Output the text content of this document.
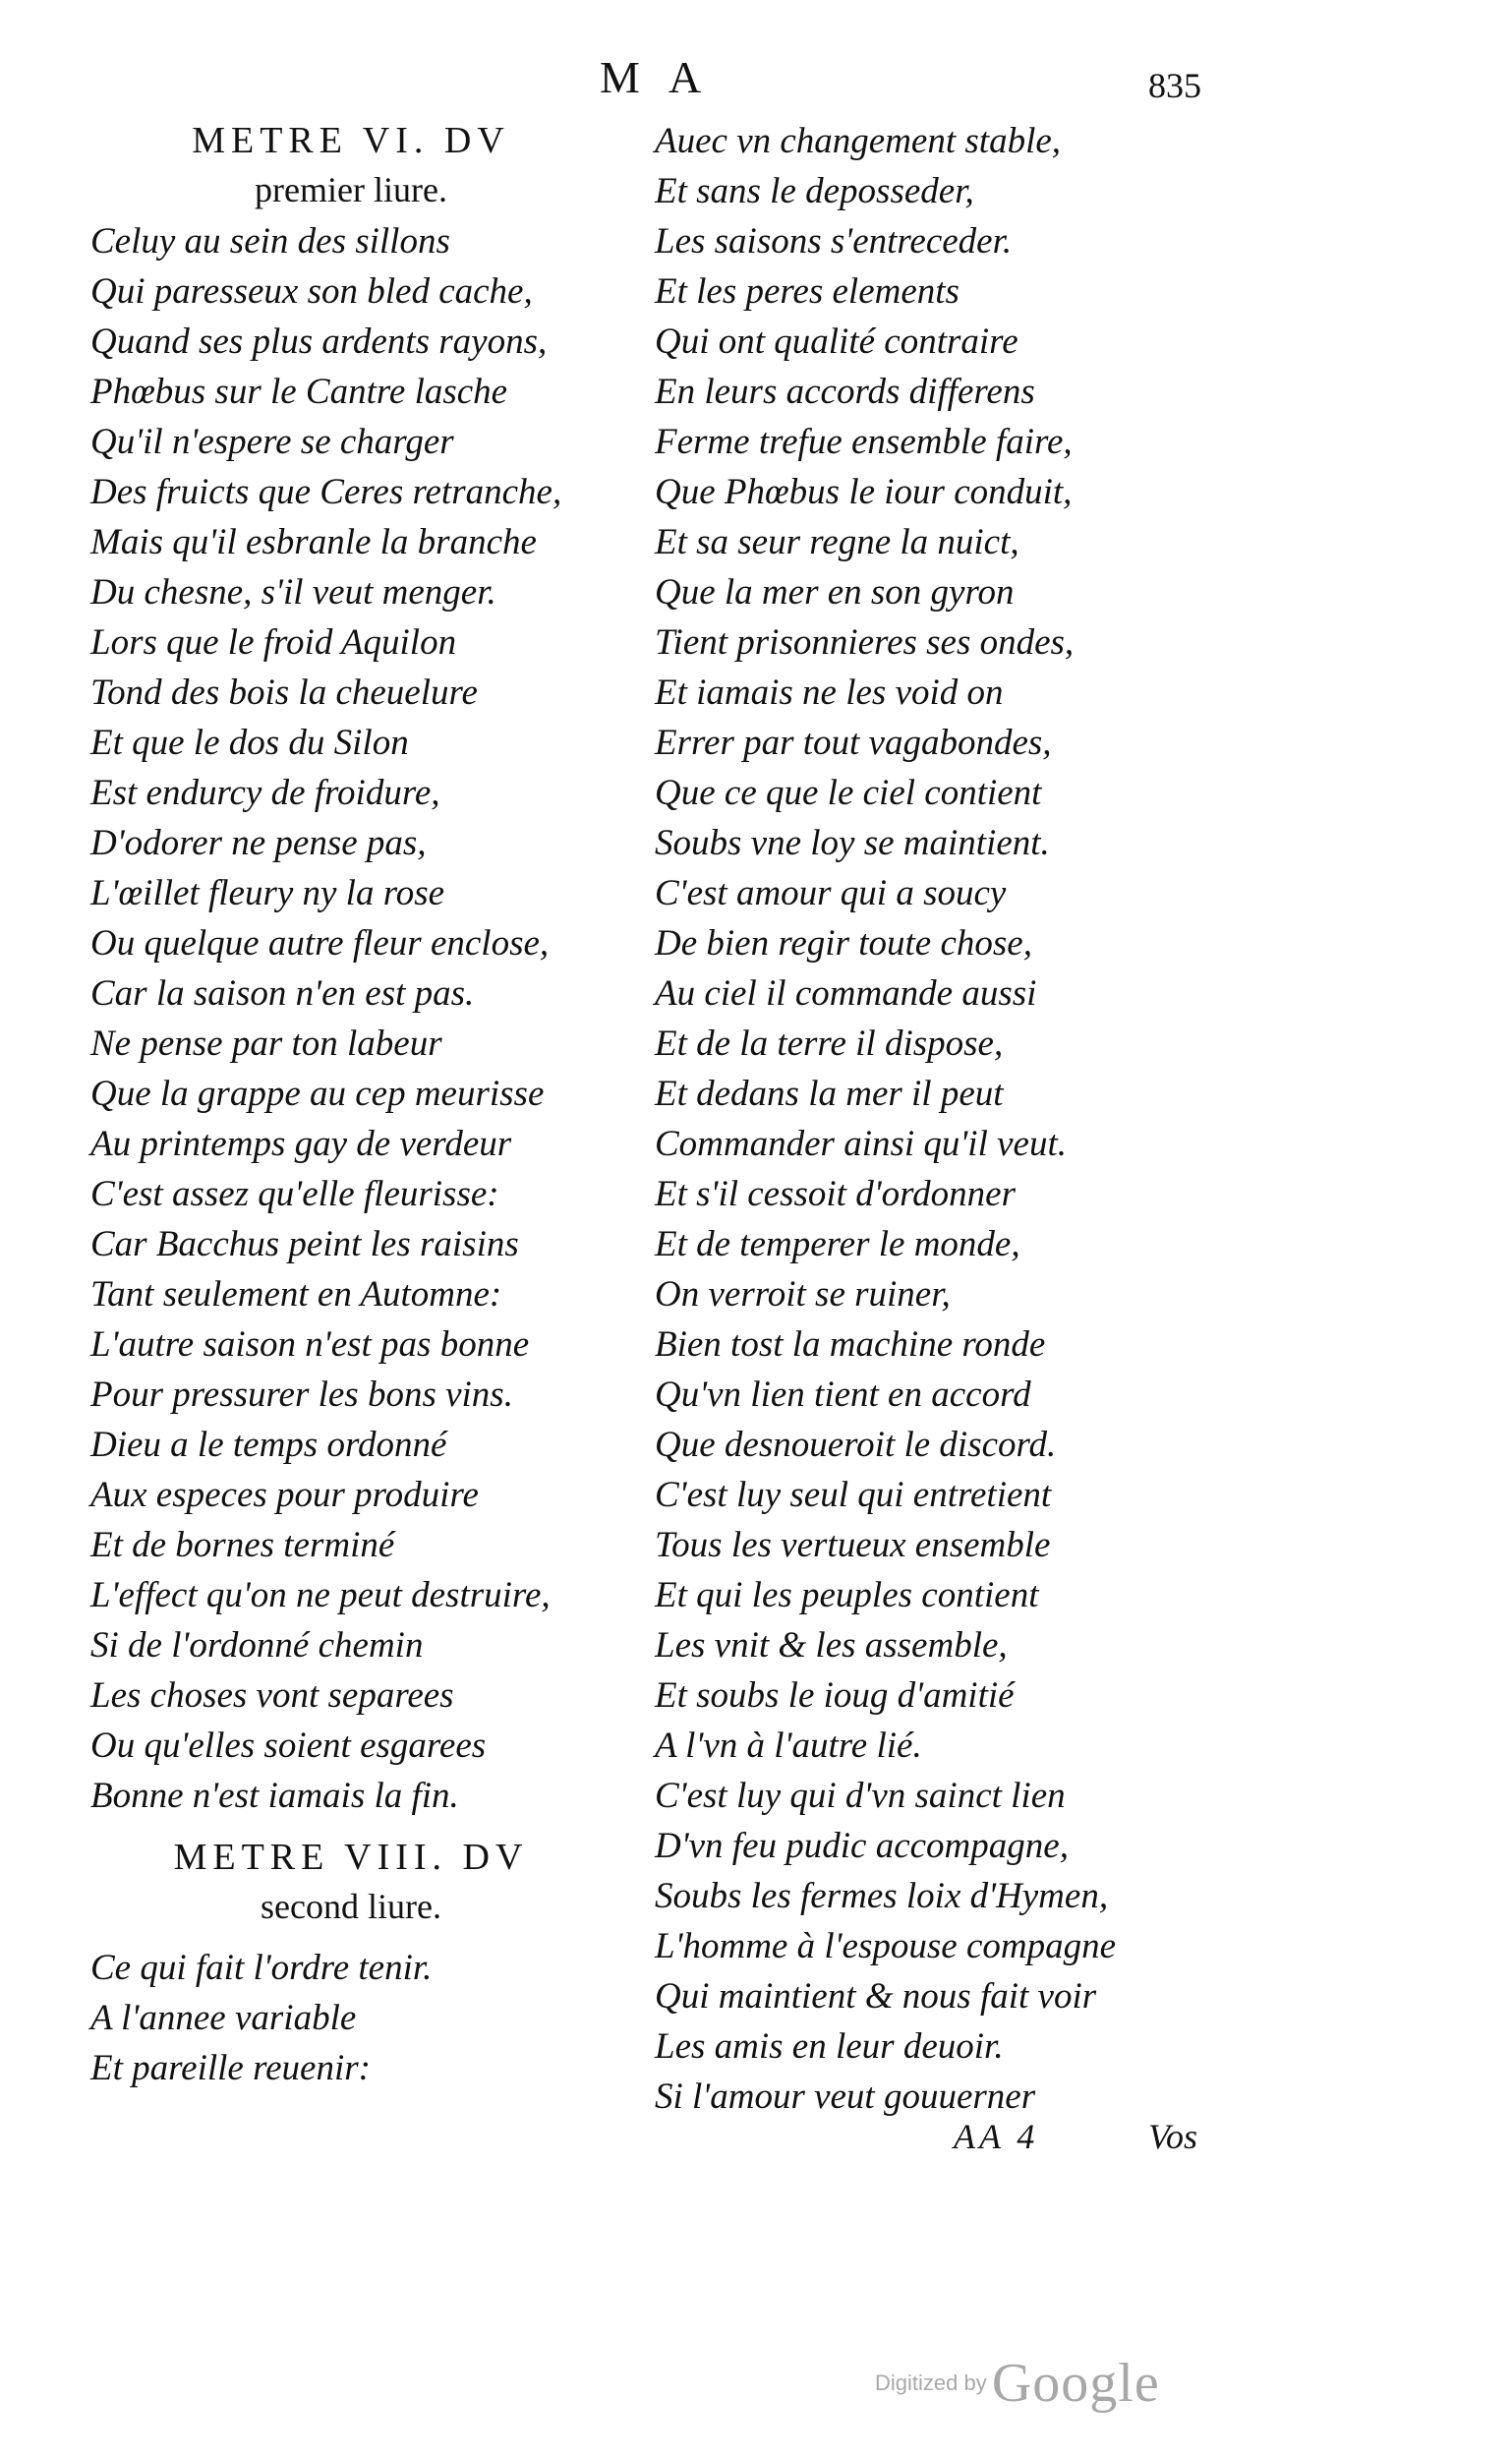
M A	835
METRE VI. DV
premier liure.
Celuy au sein des sillons
Qui paresseux son bled cache,
Quand ses plus ardents rayons,
Phœbus sur le Cantre lasche
Qu'il n'espere se charger
Des fruicts que Ceres retranche,
Mais qu'il esbranle la branche
Du chesne, s'il veut menger.
Lors que le froid Aquilon
Tond des bois la cheuelure
Et que le dos du Silon
Est endurcy de froidure,
D'odorer ne pense pas,
L'œillet fleury ny la rose
Ou quelque autre fleur enclose,
Car la saison n'en est pas.
Ne pense par ton labeur
Que la grappe au cep meurisse
Au printemps gay de verdeur
C'est assez qu'elle fleurisse:
Car Bacchus peint les raisins
Tant seulement en Automne:
L'autre saison n'est pas bonne
Pour pressurer les bons vins.
Dieu a le temps ordonné
Aux especes pour produire
Et de bornes terminé
L'effect qu'on ne peut destruire,
Si de l'ordonné chemin
Les choses vont separees
Ou qu'elles soient esgarees
Bonne n'est iamais la fin.
METRE VIII. DV
second liure.
Ce qui fait l'ordre tenir.
A l'annee variable
Et pareille reuenir:
Auec vn changement stable,
Et sans le deposseder,
Les saisons s'entreceder.
Et les peres elements
Qui ont qualité contraire
En leurs accords differens
Ferme trefue ensemble faire,
Que Phœbus le iour conduit,
Et sa seur regne la nuict,
Que la mer en son gyron
Tient prisonnieres ses ondes,
Et iamais ne les void on
Errer par tout vagabondes,
Que ce que le ciel contient
Soubs vne loy se maintient.
C'est amour qui a soucy
De bien regir toute chose,
Au ciel il commande aussi
Et de la terre il dispose,
Et dedans la mer il peut
Commander ainsi qu'il veut.
Et s'il cessoit d'ordonner
Et de temperer le monde,
On verroit se ruiner,
Bien tost la machine ronde
Qu'vn lien tient en accord
Que desnoueroit le discord.
C'est luy seul qui entretient
Tous les vertueux ensemble
Et qui les peuples contient
Les vnit & les assemble,
Et soubs le ioug d'amitié
A l'vn à l'autre lié.
C'est luy qui d'vn sainct lien
D'vn feu pudic accompagne,
Soubs les fermes loix d'Hymen,
L'homme à l'espouse compagne
Qui maintient & nous fait voir
Les amis en leur deuoir.
Si l'amour veut gouuerner
AA 4	Vos
Digitized by Google
